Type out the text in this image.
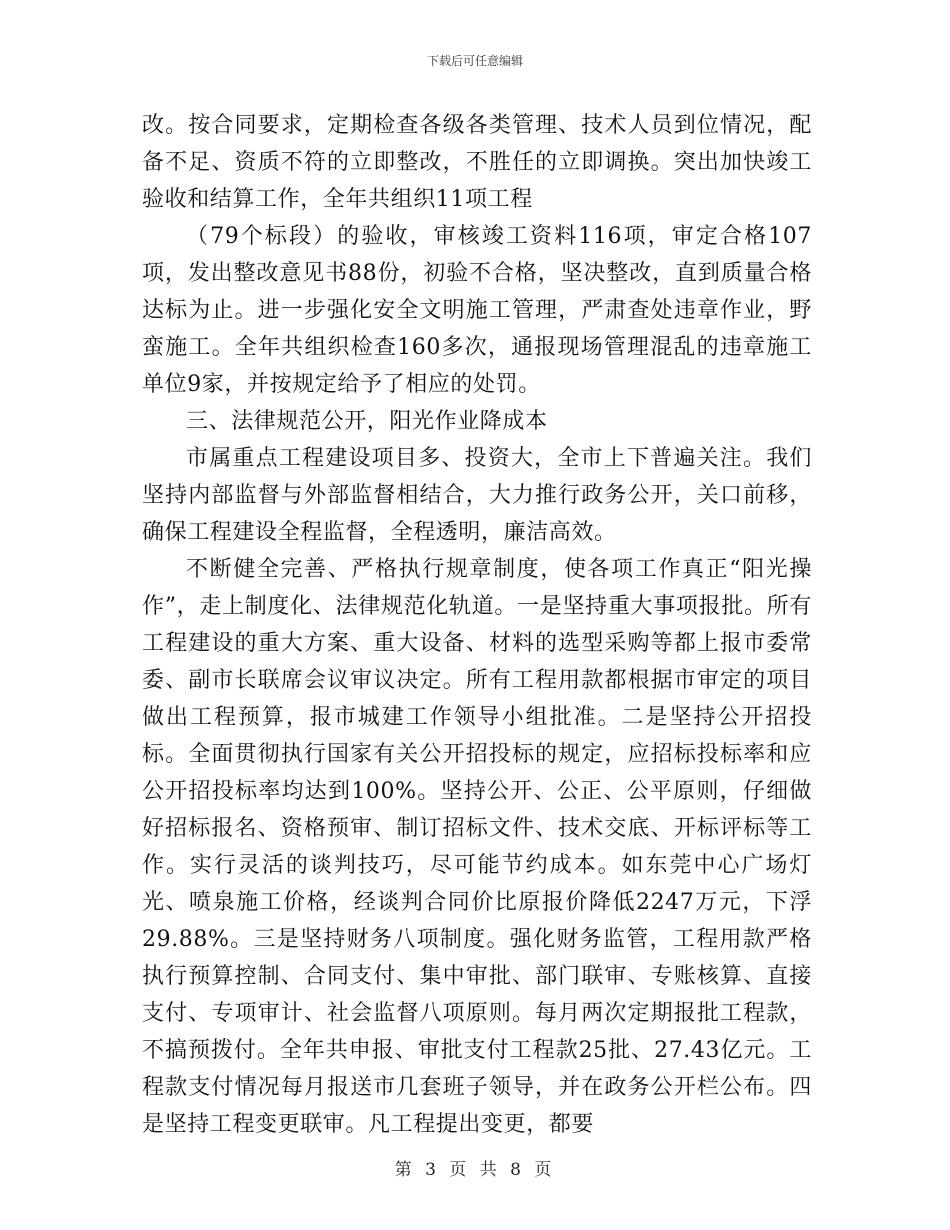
下载后可任意编辑

改。按合同要求，定期检查各级各类管理、技术人员到位情况，配备不足、资质不符的立即整改，不胜任的立即调换。突出加快竣工验收和结算工作，全年共组织11项工程

（79个标段）的验收，审核竣工资料116项，审定合格107项，发出整改意见书88份，初验不合格，坚决整改，直到质量合格达标为止。进一步强化安全文明施工管理，严肃查处违章作业，野蛮施工。全年共组织检查160多次，通报现场管理混乱的违章施工单位9家，并按规定给予了相应的处罚。

三、法律规范公开，阳光作业降成本

市属重点工程建设项目多、投资大，全市上下普遍关注。我们坚持内部监督与外部监督相结合，大力推行政务公开，关口前移，确保工程建设全程监督，全程透明，廉洁高效。

不断健全完善、严格执行规章制度，使各项工作真正“阳光操作”，走上制度化、法律规范化轨道。一是坚持重大事项报批。所有工程建设的重大方案、重大设备、材料的选型采购等都上报市委常委、副市长联席会议审议决定。所有工程用款都根据市审定的项目做出工程预算，报市城建工作领导小组批准。二是坚持公开招投标。全面贯彻执行国家有关公开招投标的规定，应招标投标率和应公开招投标率均达到100%。坚持公开、公正、公平原则，仔细做好招标报名、资格预审、制订招标文件、技术交底、开标评标等工作。实行灵活的谈判技巧，尽可能节约成本。如东莞中心广场灯光、喷泉施工价格，经谈判合同价比原报价降低2247万元，下浮29.88%。三是坚持财务八项制度。强化财务监管，工程用款严格执行预算控制、合同支付、集中审批、部门联审、专账核算、直接支付、专项审计、社会监督八项原则。每月两次定期报批工程款，不搞预拨付。全年共申报、审批支付工程款25批、27.43亿元。工程款支付情况每月报送市几套班子领导，并在政务公开栏公布。四是坚持工程变更联审。凡工程提出变更，都要

第 3 页 共 8 页
